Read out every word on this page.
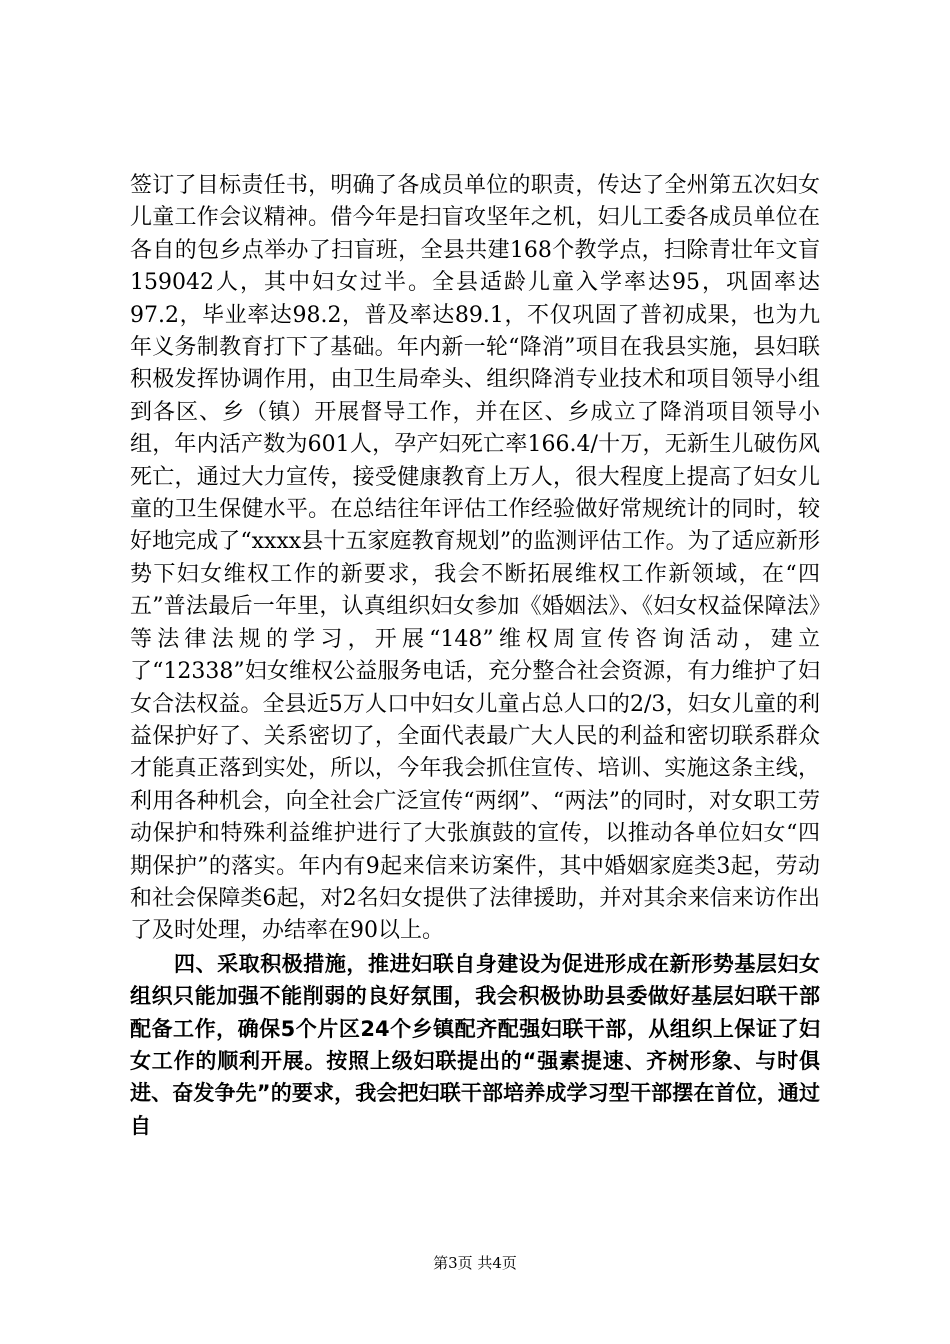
签订了目标责任书，明确了各成员单位的职责，传达了全州第五次妇女儿童工作会议精神。借今年是扫盲攻坚年之机，妇儿工委各成员单位在各自的包乡点举办了扫盲班，全县共建168个教学点，扫除青壮年文盲159042人，其中妇女过半。全县适龄儿童入学率达95，巩固率达97.2，毕业率达98.2，普及率达89.1，不仅巩固了普初成果，也为九年义务制教育打下了基础。年内新一轮“降消”项目在我县实施，县妇联积极发挥协调作用，由卫生局牵头、组织降消专业技术和项目领导小组到各区、乡（镇）开展督导工作，并在区、乡成立了降消项目领导小组，年内活产数为601人，孕产妇死亡率166.4/十万，无新生儿破伤风死亡，通过大力宣传，接受健康教育上万人，很大程度上提高了妇女儿童的卫生保健水平。在总结往年评估工作经验做好常规统计的同时，较好地完成了“xxxx县十五家庭教育规划”的监测评估工作。为了适应新形势下妇女维权工作的新要求，我会不断拓展维权工作新领域，在“四五”普法最后一年里，认真组织妇女参加《婚姻法》、《妇女权益保障法》等法律法规的学习，开展“148”维权周宣传咨询活动，建立了“12338”妇女维权公益服务电话，充分整合社会资源，有力维护了妇女合法权益。全县近5万人口中妇女儿童占总人口的2/3，妇女儿童的利益保护好了、关系密切了，全面代表最广大人民的利益和密切联系群众才能真正落到实处，所以，今年我会抓住宣传、培训、实施这条主线，利用各种机会，向全社会广泛宣传“两纲”、“两法”的同时，对女职工劳动保护和特殊利益维护进行了大张旗鼓的宣传，以推动各单位妇女“四期保护”的落实。年内有9起来信来访案件，其中婚姻家庭类3起，劳动和社会保障类6起，对2名妇女提供了法律援助，并对其余来信来访作出了及时处理，办结率在90以上。

四、采取积极措施，推进妇联自身建设为促进形成在新形势基层妇女组织只能加强不能削弱的良好氛围，我会积极协助县委做好基层妇联干部配备工作，确保5个片区24个乡镇配齐配强妇联干部，从组织上保证了妇女工作的顺利开展。按照上级妇联提出的“强素提速、齐树形象、与时俱进、奋发争先”的要求，我会把妇联干部培养成学习型干部摆在首位，通过自

第3页 共4页
